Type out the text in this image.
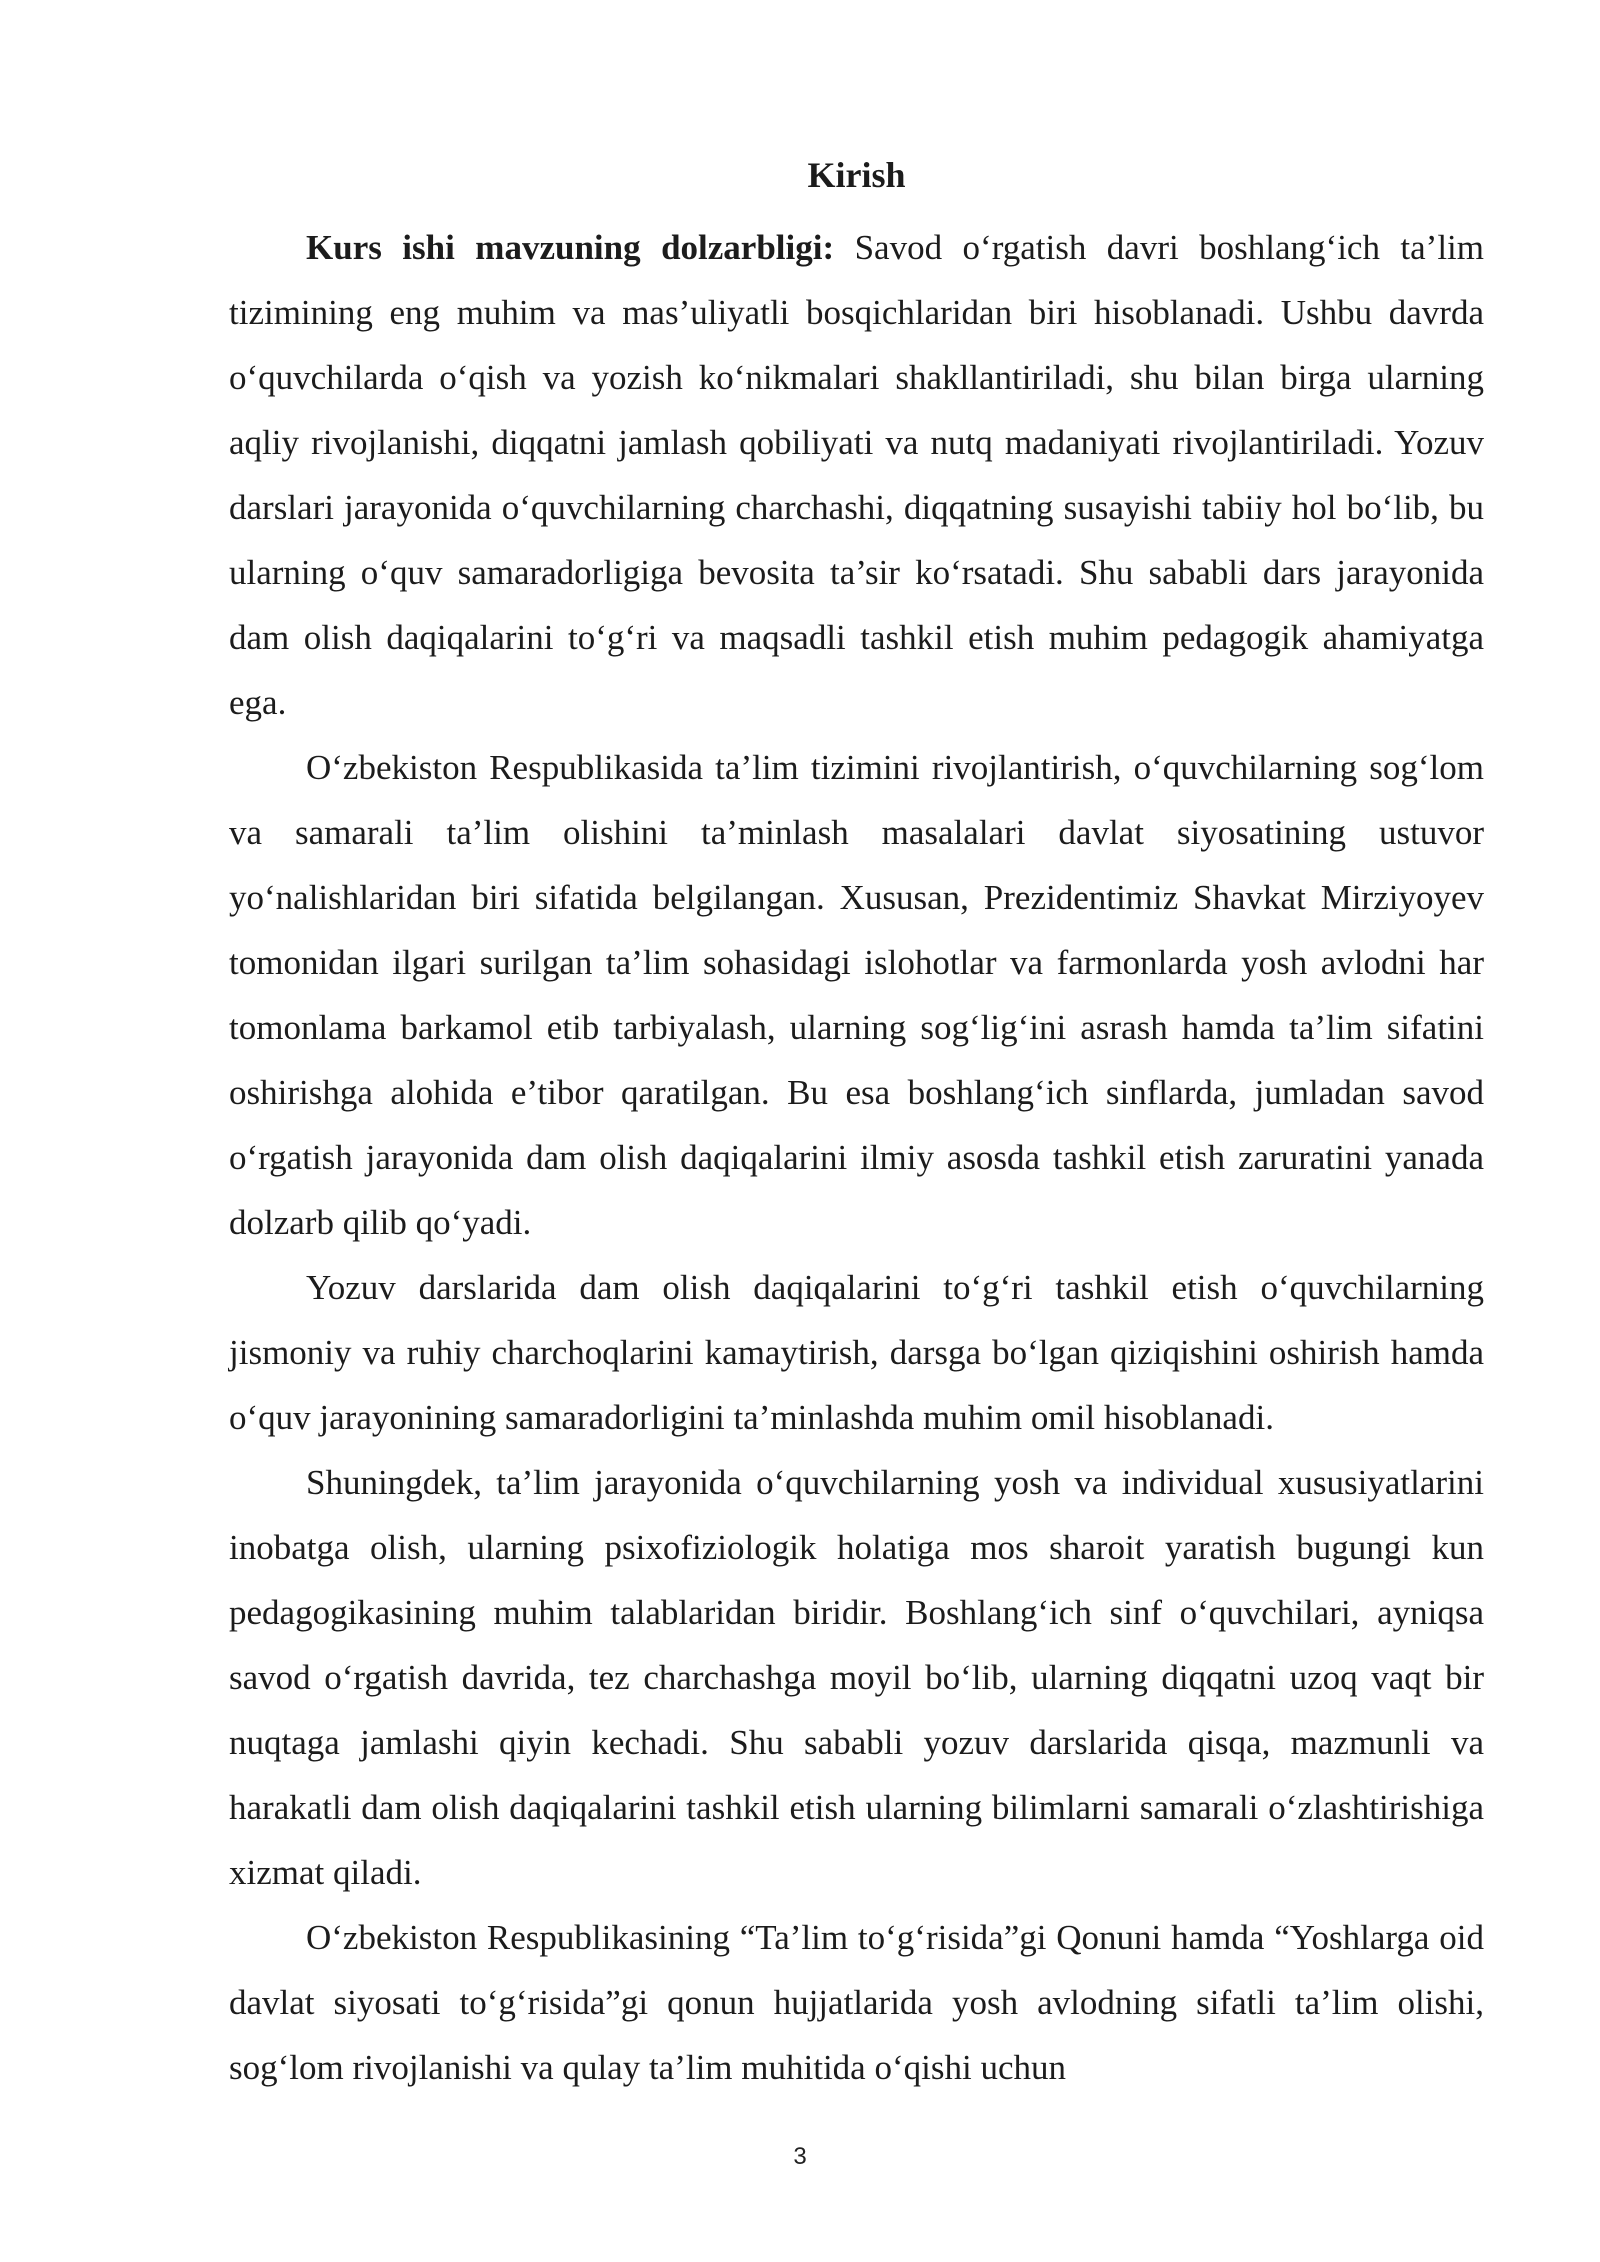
Kirish

Kurs ishi mavzuning dolzarbligi: Savod o‘rgatish davri boshlang‘ich ta’lim tizimining eng muhim va mas’uliyatli bosqichlaridan biri hisoblanadi. Ushbu davrda o‘quvchilarda o‘qish va yozish ko‘nikmalari shakllantiriladi, shu bilan birga ularning aqliy rivojlanishi, diqqatni jamlash qobiliyati va nutq madaniyati rivojlantiriladi. Yozuv darslari jarayonida o‘quvchilarning charchashi, diqqatning susayishi tabiiy hol bo‘lib, bu ularning o‘quv samaradorligiga bevosita ta’sir ko‘rsatadi. Shu sababli dars jarayonida dam olish daqiqalarini to‘g‘ri va maqsadli tashkil etish muhim pedagogik ahamiyatga ega.

O‘zbekiston Respublikasida ta’lim tizimini rivojlantirish, o‘quvchilarning sog‘lom va samarali ta’lim olishini ta’minlash masalalari davlat siyosatining ustuvor yo‘nalishlaridan biri sifatida belgilangan. Xususan, Prezidentimiz Shavkat Mirziyoyev tomonidan ilgari surilgan ta’lim sohasidagi islohotlar va farmonlarda yosh avlodni har tomonlama barkamol etib tarbiyalash, ularning sog‘lig‘ini asrash hamda ta’lim sifatini oshirishga alohida e’tibor qaratilgan. Bu esa boshlang‘ich sinflarda, jumladan savod o‘rgatish jarayonida dam olish daqiqalarini ilmiy asosda tashkil etish zaruratini yanada dolzarb qilib qo‘yadi.

Yozuv darslarida dam olish daqiqalarini to‘g‘ri tashkil etish o‘quvchilarning jismoniy va ruhiy charchoqlarini kamaytirish, darsga bo‘lgan qiziqishini oshirish hamda o‘quv jarayonining samaradorligini ta’minlashda muhim omil hisoblanadi.

Shuningdek, ta’lim jarayonida o‘quvchilarning yosh va individual xususiyatlarini inobatga olish, ularning psixofiziologik holatiga mos sharoit yaratish bugungi kun pedagogikasining muhim talablaridan biridir. Boshlang‘ich sinf o‘quvchilari, ayniqsa savod o‘rgatish davrida, tez charchashga moyil bo‘lib, ularning diqqatni uzoq vaqt bir nuqtaga jamlashi qiyin kechadi. Shu sababli yozuv darslarida qisqa, mazmunli va harakatli dam olish daqiqalarini tashkil etish ularning bilimlarni samarali o‘zlashtirishiga xizmat qiladi.

O‘zbekiston Respublikasining “Ta’lim to‘g‘risida”gi Qonuni hamda “Yoshlarga oid davlat siyosati to‘g‘risida”gi qonun hujjatlarida yosh avlodning sifatli ta’lim olishi, sog‘lom rivojlanishi va qulay ta’lim muhitida o‘qishi uchun

3
